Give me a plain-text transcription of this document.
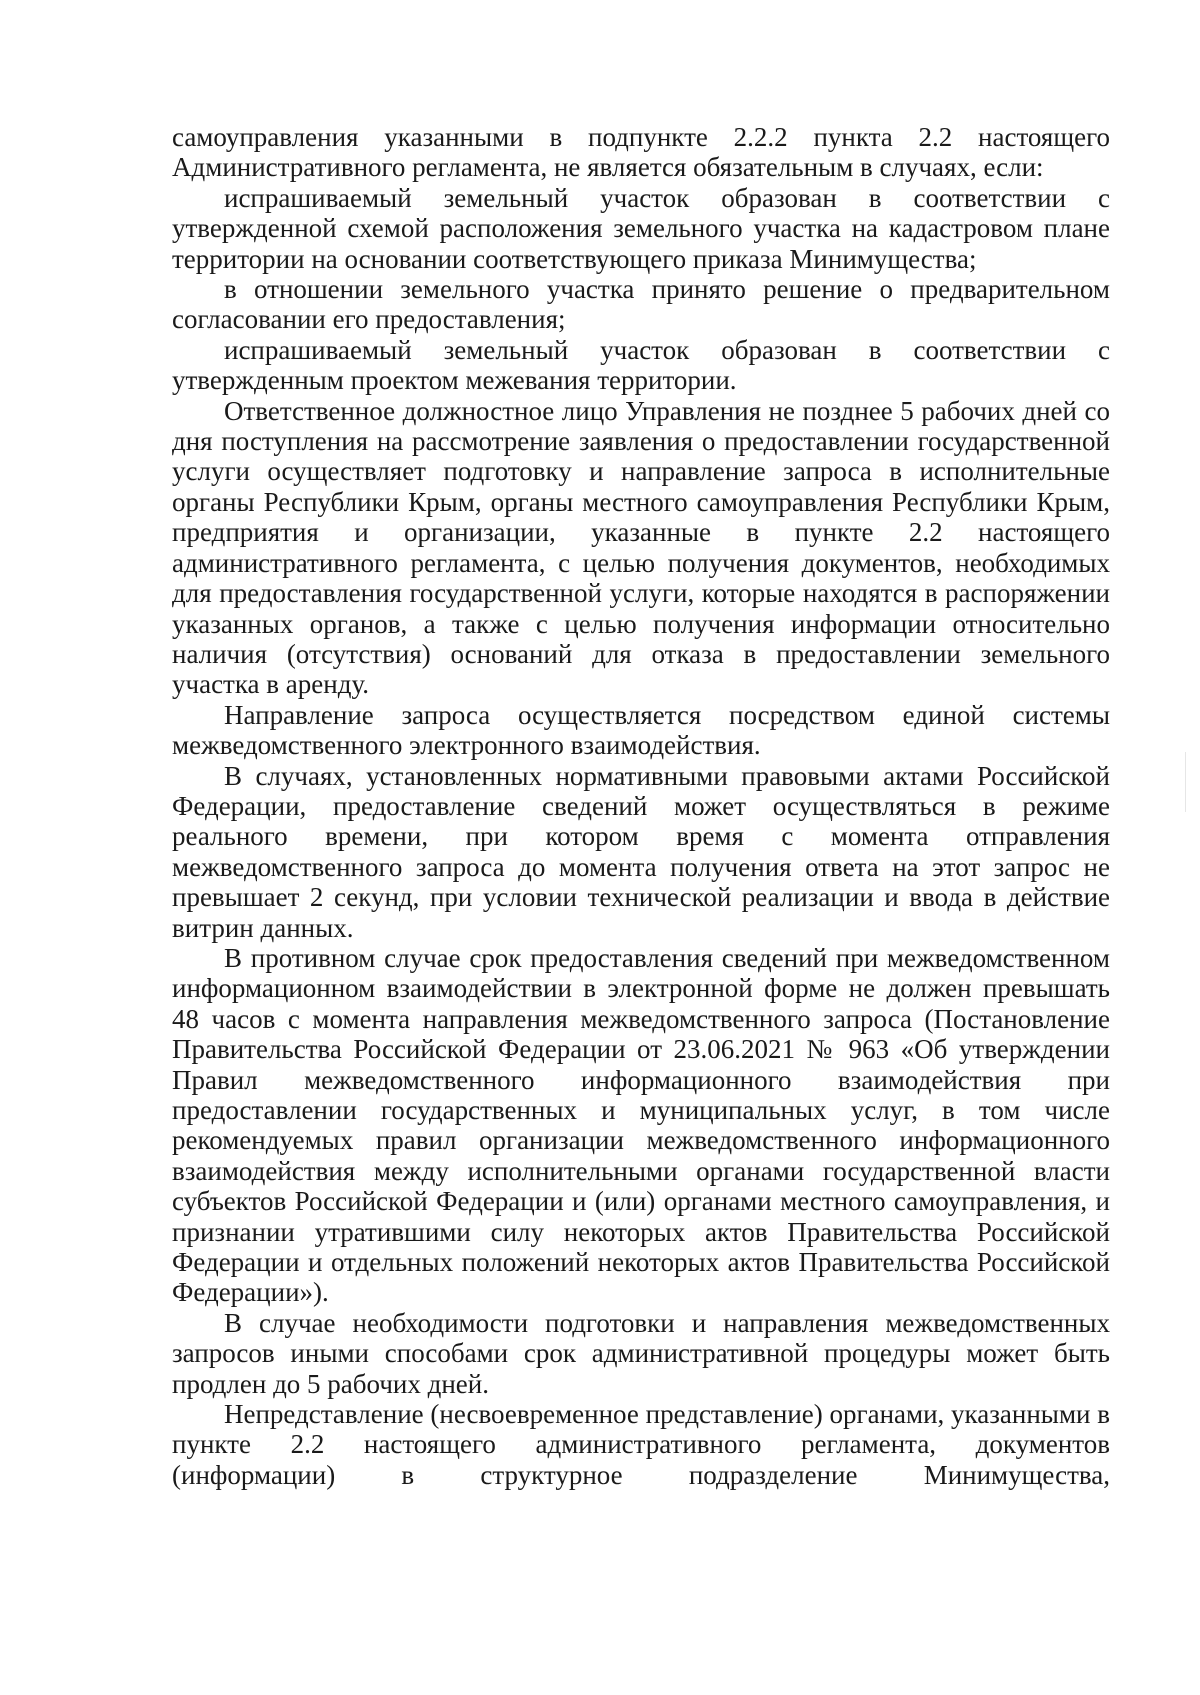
самоуправления указанными в подпункте 2.2.2 пункта 2.2 настоящего Административного регламента, не является обязательным в случаях, если:

испрашиваемый земельный участок образован в соответствии с утвержденной схемой расположения земельного участка на кадастровом плане территории на основании соответствующего приказа Минимущества;

в отношении земельного участка принято решение о предварительном согласовании его предоставления;

испрашиваемый земельный участок образован в соответствии с утвержденным проектом межевания территории.

Ответственное должностное лицо Управления не позднее 5 рабочих дней со дня поступления на рассмотрение заявления о предоставлении государственной услуги осуществляет подготовку и направление запроса в исполнительные органы Республики Крым, органы местного самоуправления Республики Крым, предприятия и организации, указанные в пункте 2.2 настоящего административного регламента, с целью получения документов, необходимых для предоставления государственной услуги, которые находятся в распоряжении указанных органов, а также с целью получения информации относительно наличия (отсутствия) оснований для отказа в предоставлении земельного участка в аренду.

Направление запроса осуществляется посредством единой системы межведомственного электронного взаимодействия.

В случаях, установленных нормативными правовыми актами Российской Федерации, предоставление сведений может осуществляться в режиме реального времени, при котором время с момента отправления межведомственного запроса до момента получения ответа на этот запрос не превышает 2 секунд, при условии технической реализации и ввода в действие витрин данных.

В противном случае срок предоставления сведений при межведомственном информационном взаимодействии в электронной форме не должен превышать 48 часов с момента направления межведомственного запроса (Постановление Правительства Российской Федерации от 23.06.2021 № 963 «Об утверждении Правил межведомственного информационного взаимодействия при предоставлении государственных и муниципальных услуг, в том числе рекомендуемых правил организации межведомственного информационного взаимодействия между исполнительными органами государственной власти субъектов Российской Федерации и (или) органами местного самоуправления, и признании утратившими силу некоторых актов Правительства Российской Федерации и отдельных положений некоторых актов Правительства Российской Федерации»).

В случае необходимости подготовки и направления межведомственных запросов иными способами срок административной процедуры может быть продлен до 5 рабочих дней.

Непредставление (несвоевременное представление) органами, указанными в пункте 2.2 настоящего административного регламента, документов (информации) в структурное подразделение Минимущества,
